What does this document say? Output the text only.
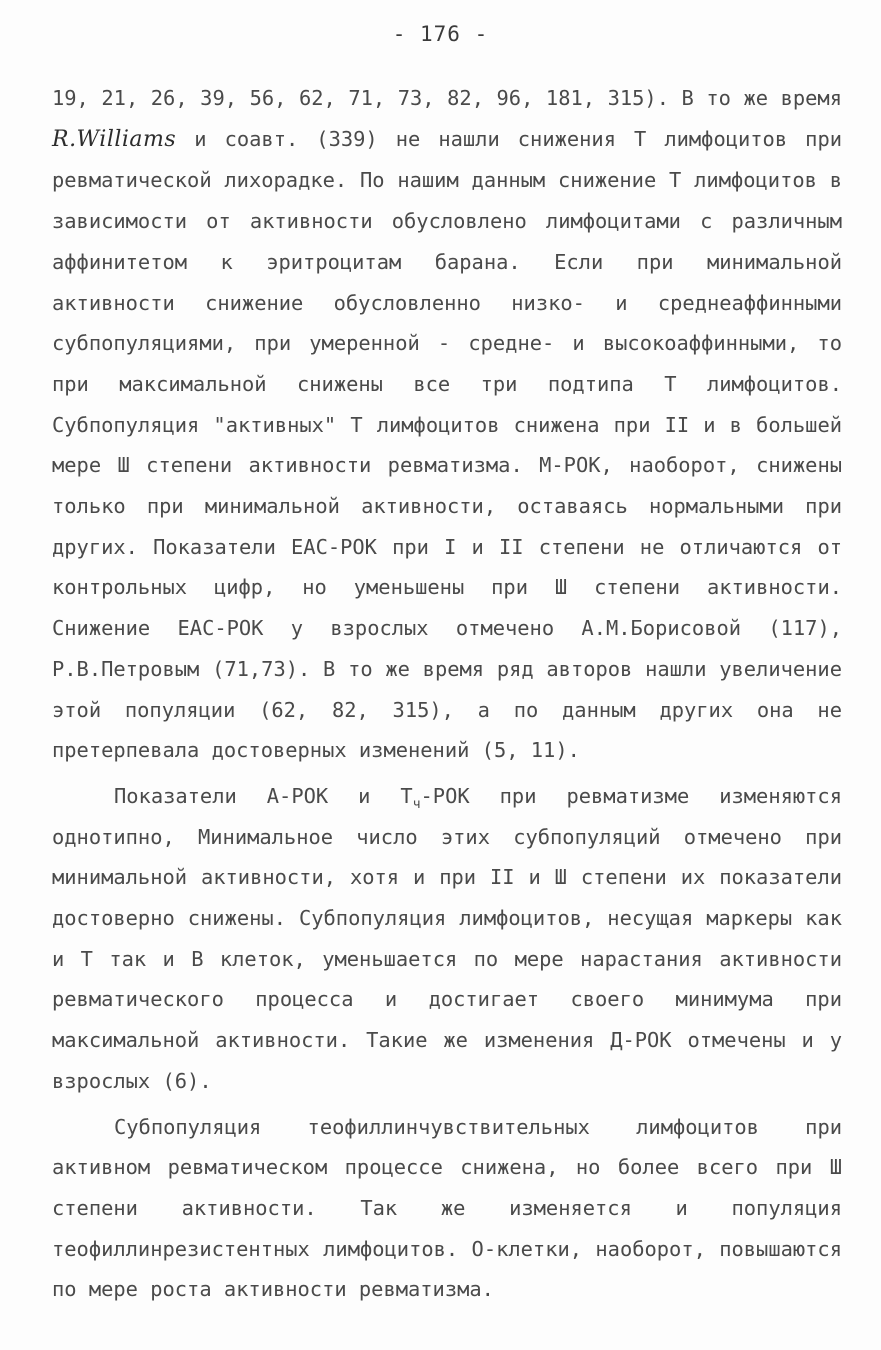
- 176 -

19, 21, 26, 39, 56, 62, 71, 73, 82, 96, 181, 315). В то же время R.Williams и соавт. (339) не нашли снижения Т лимфоцитов при ревматической лихорадке. По нашим данным снижение Т лимфоцитов в зависимости от активности обусловлено лимфоцитами с различным аффинитетом к эритроцитам барана. Если при минимальной активности снижение обусловленно низко- и среднеаффинными субпопуляциями, при умеренной - средне- и высокоаффинными, то при максимальной снижены все три подтипа Т лимфоцитов. Субпопуляция "активных" Т лимфоцитов снижена при II и в большей мере Ш степени активности ревматизма. М-РОК, наоборот, снижены только при минимальной активности, оставаясь нормальными при других. Показатели ЕАС-РОК при I и II степени не отличаются от контрольных цифр, но уменьшены при Ш степени активности. Снижение ЕАС-РОК у взрослых отмечено А.М.Борисовой (117), Р.В.Петровым (71,73). В то же время ряд авторов нашли увеличение этой популяции (62, 82, 315), а по данным других она не претерпевала достоверных изменений (5, 11).

Показатели А-РОК и $Т_ч$-РОК при ревматизме изменяются однотипно, Минимальное число этих субпопуляций отмечено при минимальной активности, хотя и при II и Ш степени их показатели достоверно снижены. Субпопуляция лимфоцитов, несущая маркеры как и Т так и В клеток, уменьшается по мере нарастания активности ревматического процесса и достигает своего минимума при максимальной активности. Такие же изменения Д-РОК отмечены и у взрослых (6).

Субпопуляция теофиллинчувствительных лимфоцитов при активном ревматическом процессе снижена, но более всего при Ш степени активности. Так же изменяется и популяция теофиллинрезистентных лимфоцитов. О-клетки, наоборот, повышаются по мере роста активности ревматизма.
